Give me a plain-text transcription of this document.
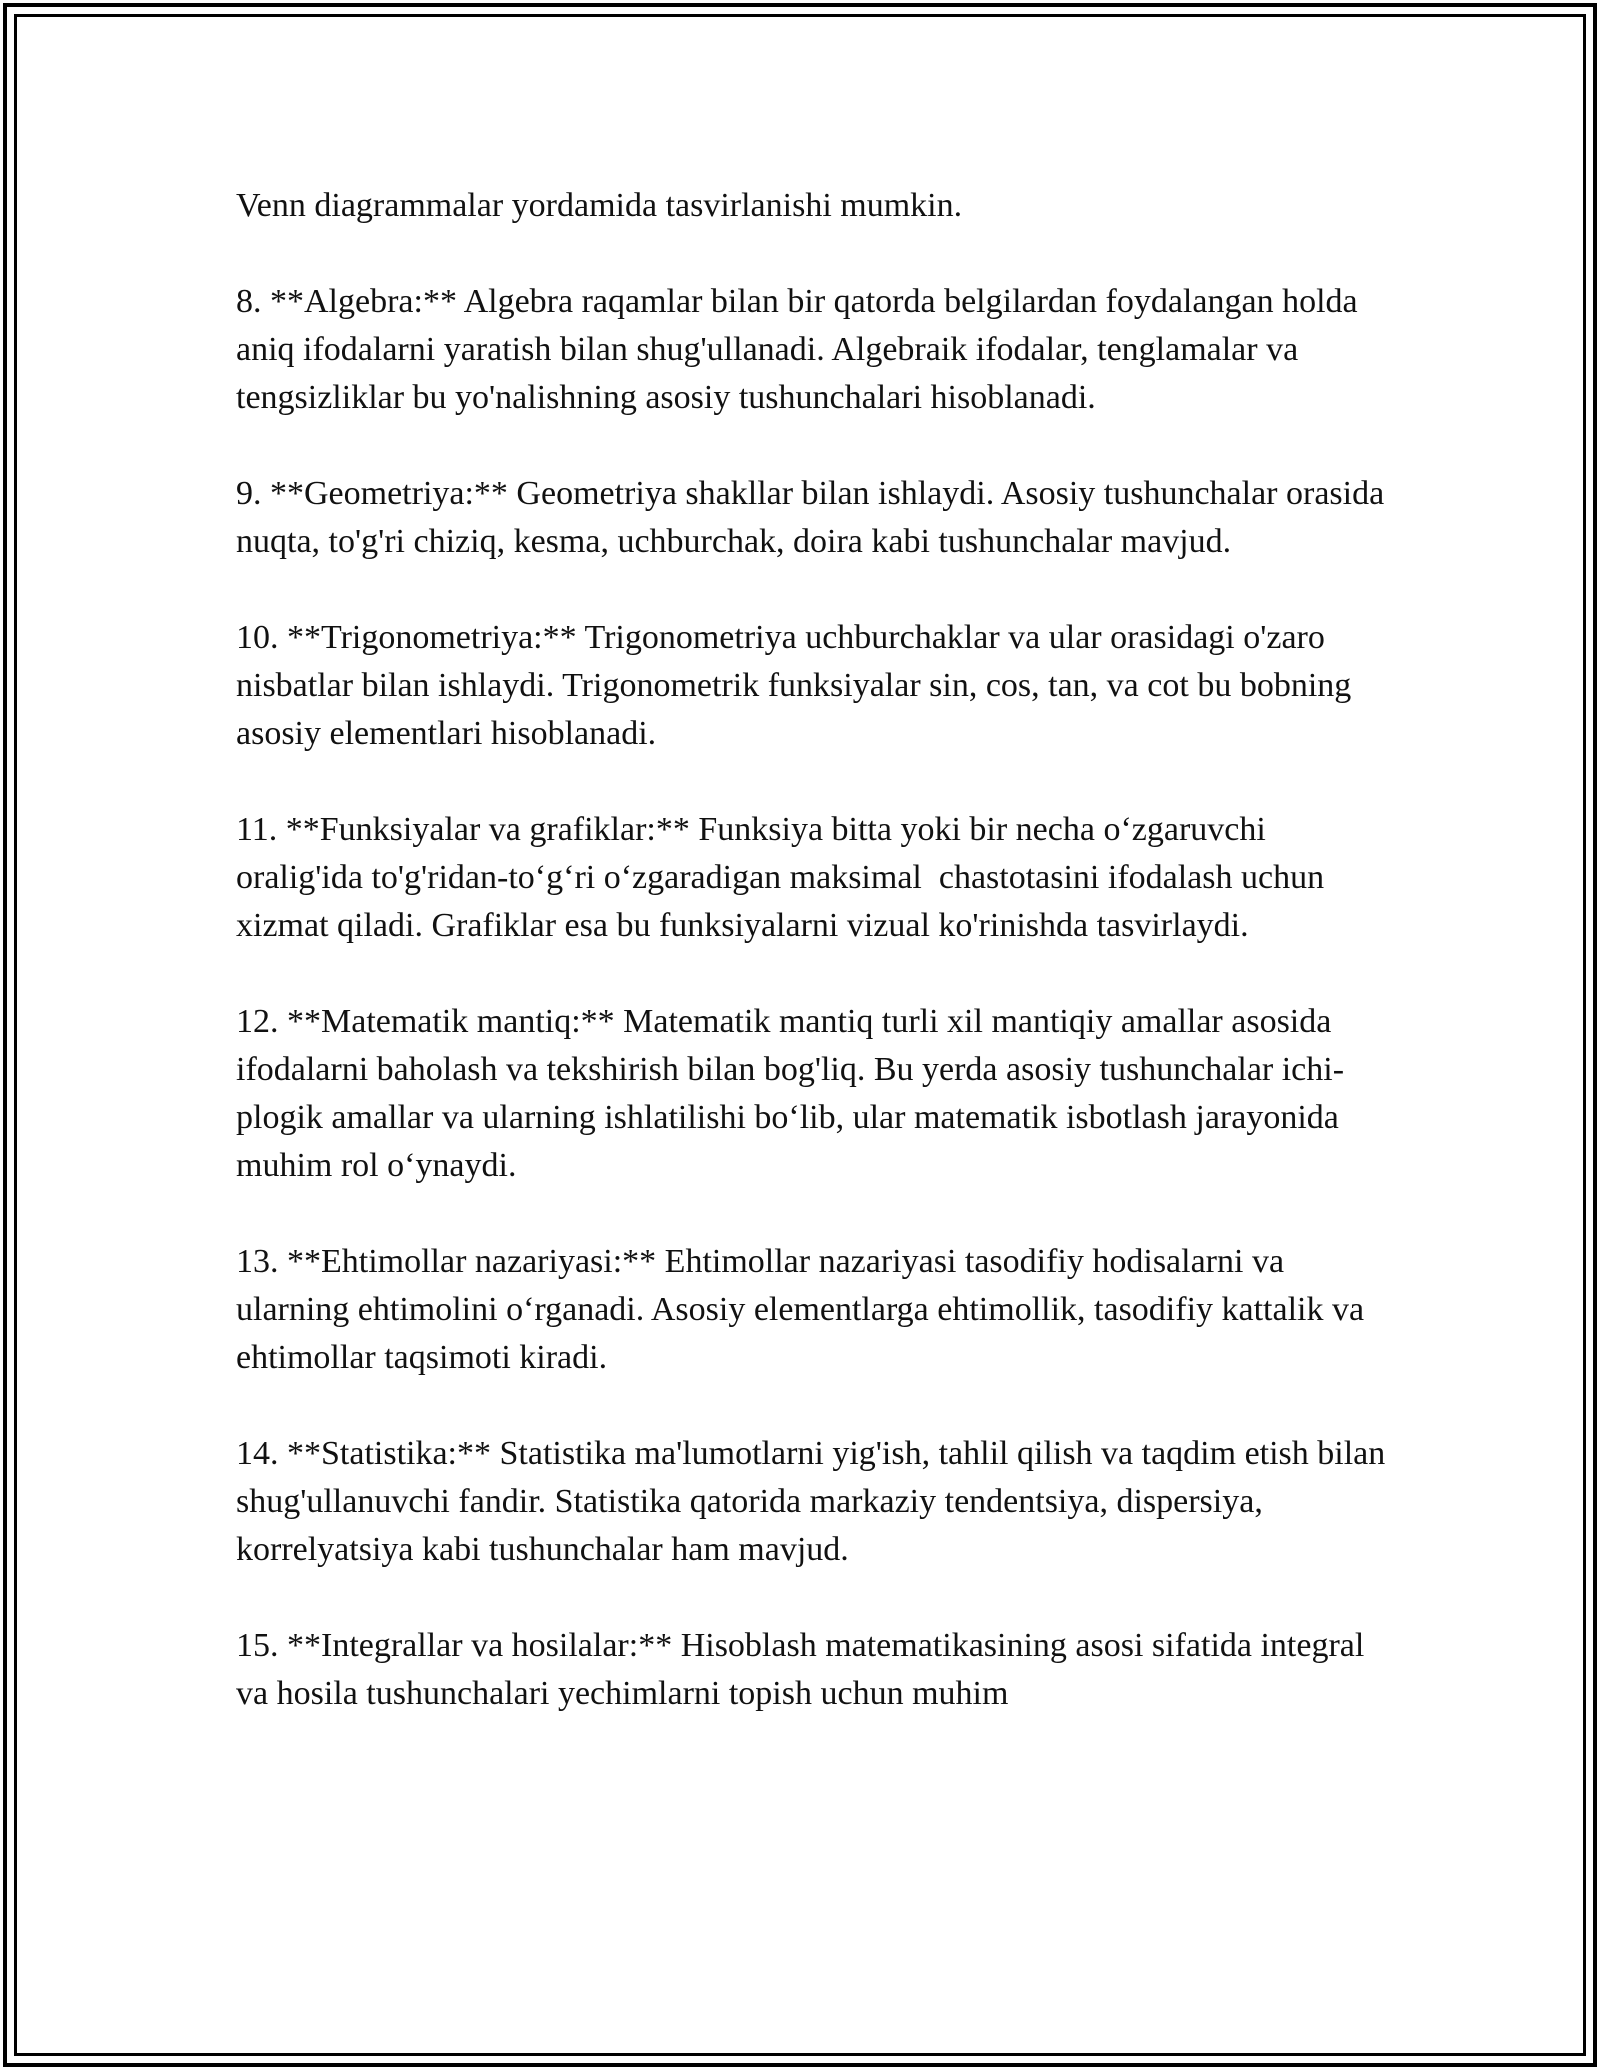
Venn diagrammalar yordamida tasvirlanishi mumkin.

8. **Algebra:** Algebra raqamlar bilan bir qatorda belgilardan foydalangan holda aniq ifodalarni yaratish bilan shug'ullanadi. Algebraik ifodalar, tenglamalar va tengsizliklar bu yo'nalishning asosiy tushunchalari hisoblanadi.

9. **Geometriya:** Geometriya shakllar bilan ishlaydi. Asosiy tushunchalar orasida nuqta, to'g'ri chiziq, kesma, uchburchak, doira kabi tushunchalar mavjud.

10. **Trigonometriya:** Trigonometriya uchburchaklar va ular orasidagi o'zaro nisbatlar bilan ishlaydi. Trigonometrik funksiyalar sin, cos, tan, va cot bu bobning asosiy elementlari hisoblanadi.

11. **Funksiyalar va grafiklar:** Funksiya bitta yoki bir necha o‘zgaruvchi oralig'ida to'g'ridan-to‘g‘ri o‘zgaradigan maksimal  chastotasini ifodalash uchun xizmat qiladi. Grafiklar esa bu funksiyalarni vizual ko'rinishda tasvirlaydi.

12. **Matematik mantiq:** Matematik mantiq turli xil mantiqiy amallar asosida ifodalarni baholash va tekshirish bilan bog'liq. Bu yerda asosiy tushunchalar ichi-plogik amallar va ularning ishlatilishi bo‘lib, ular matematik isbotlash jarayonida muhim rol o‘ynaydi.

13. **Ehtimollar nazariyasi:** Ehtimollar nazariyasi tasodifiy hodisalarni va ularning ehtimolini o‘rganadi. Asosiy elementlarga ehtimollik, tasodifiy kattalik va ehtimollar taqsimoti kiradi.

14. **Statistika:** Statistika ma'lumotlarni yig'ish, tahlil qilish va taqdim etish bilan shug'ullanuvchi fandir. Statistika qatorida markaziy tendentsiya, dispersiya, korrelyatsiya kabi tushunchalar ham mavjud.

15. **Integrallar va hosilalar:** Hisoblash matematikasining asosi sifatida integral va hosila tushunchalari yechimlarni topish uchun muhim
